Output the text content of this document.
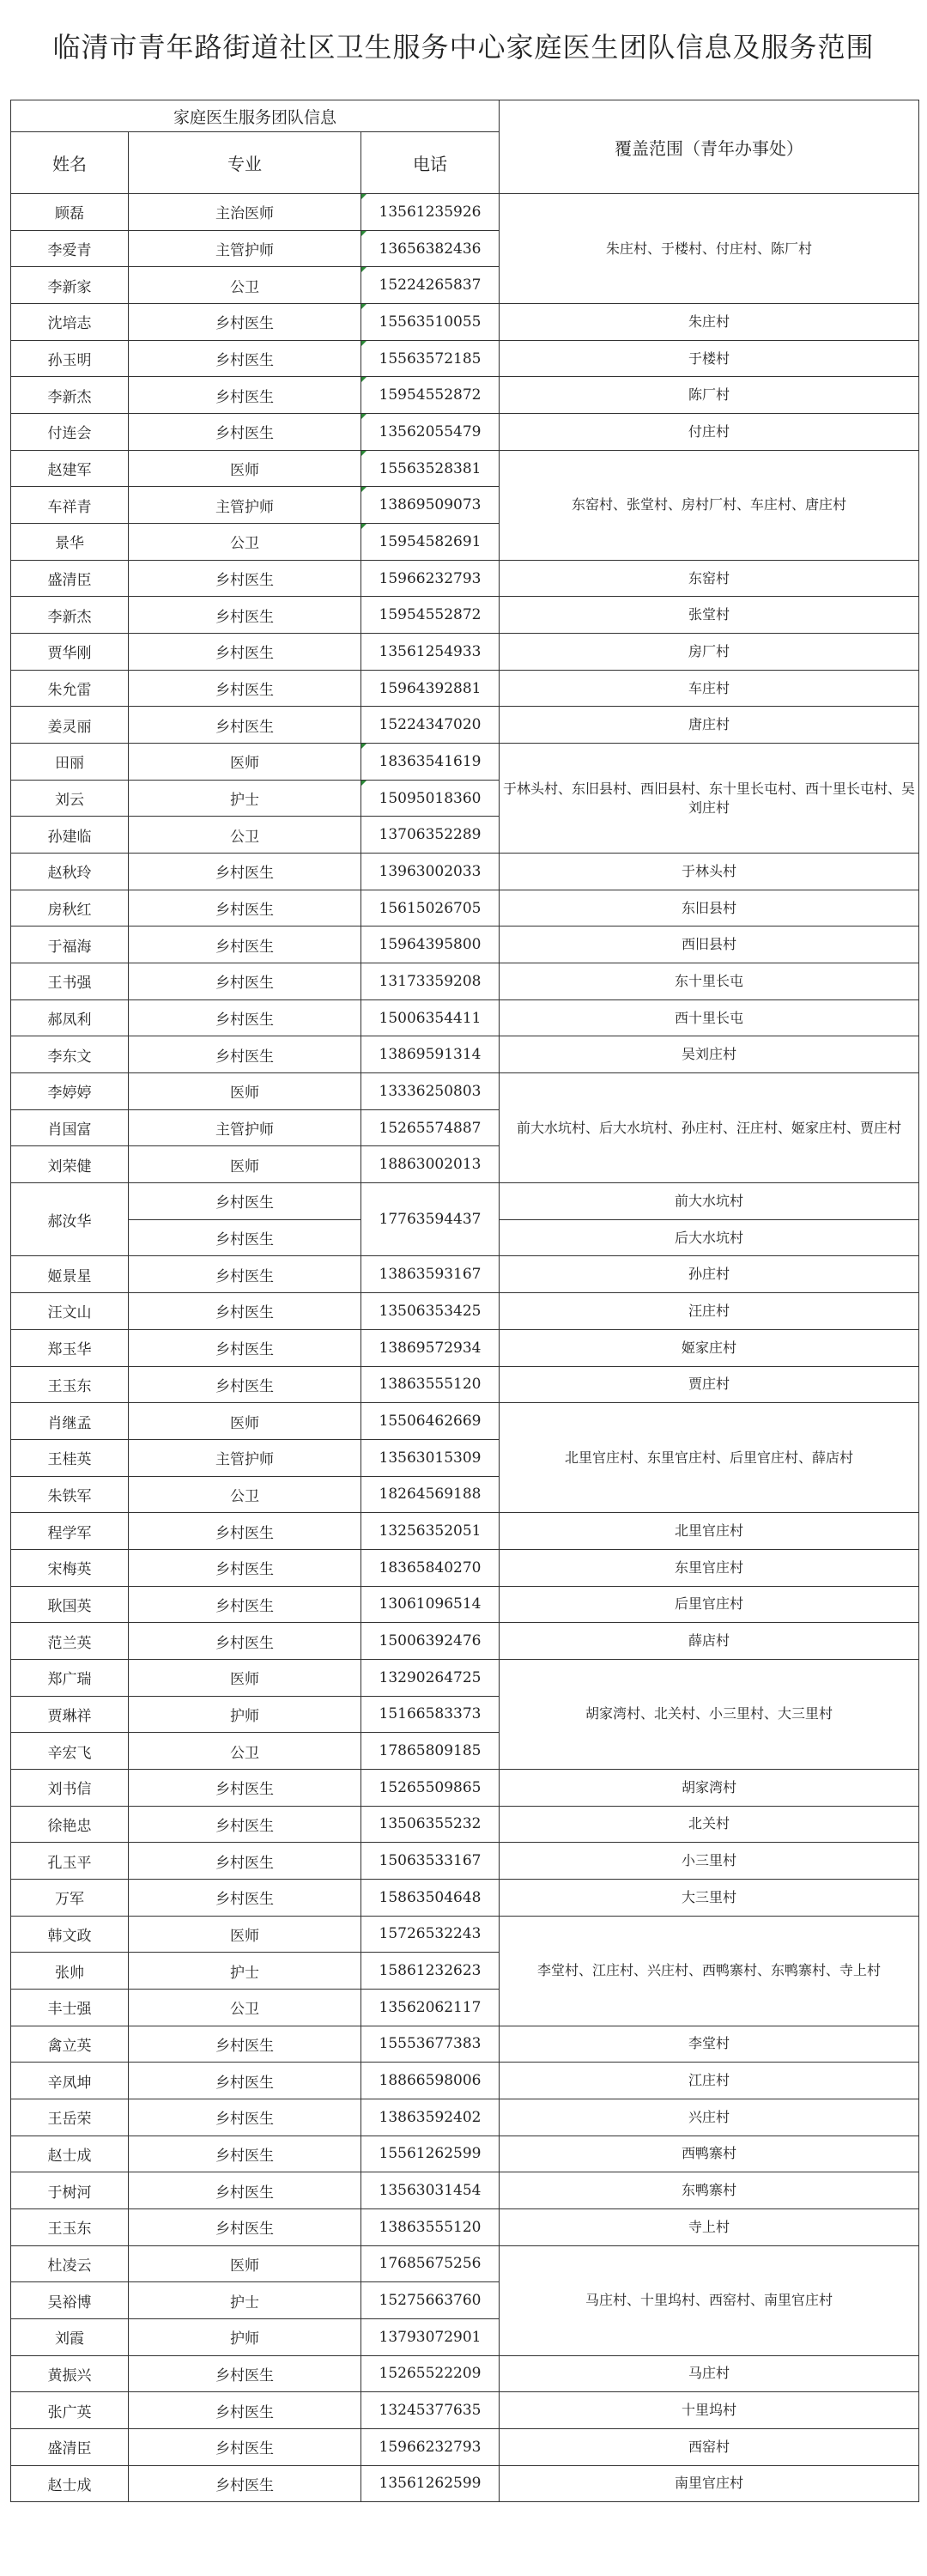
临清市青年路街道社区卫生服务中心家庭医生团队信息及服务范围
家庭医生服务团队信息			覆盖范围（青年办事处）
姓名	专业	电话	
顾磊	主治医师	13561235926	朱庄村、于楼村、付庄村、陈厂村
李爱青	主管护师	13656382436	
李新家	公卫	15224265837	
沈培志	乡村医生	15563510055	朱庄村
孙玉明	乡村医生	15563572185	于楼村
李新杰	乡村医生	15954552872	陈厂村
付连会	乡村医生	13562055479	付庄村
赵建军	医师	15563528381	东窑村、张堂村、房村厂村、车庄村、唐庄村
车祥青	主管护师	13869509073	
景华	公卫	15954582691	
盛清臣	乡村医生	15966232793	东窑村
李新杰	乡村医生	15954552872	张堂村
贾华刚	乡村医生	13561254933	房厂村
朱允雷	乡村医生	15964392881	车庄村
姜灵丽	乡村医生	15224347020	唐庄村
田丽	医师	18363541619	于林头村、东旧县村、西旧县村、东十里长屯村、西十里长屯村、吴刘庄村
刘云	护士	15095018360	
孙建临	公卫	13706352289	
赵秋玲	乡村医生	13963002033	于林头村
房秋红	乡村医生	15615026705	东旧县村
于福海	乡村医生	15964395800	西旧县村
王书强	乡村医生	13173359208	东十里长屯
郝凤利	乡村医生	15006354411	西十里长屯
李东文	乡村医生	13869591314	吴刘庄村
李婷婷	医师	13336250803	前大水坑村、后大水坑村、孙庄村、汪庄村、姬家庄村、贾庄村
肖国富	主管护师	15265574887	
刘荣健	医师	18863002013	
郝汝华	乡村医生	17763594437	前大水坑村
	乡村医生		后大水坑村
姬景星	乡村医生	13863593167	孙庄村
汪文山	乡村医生	13506353425	汪庄村
郑玉华	乡村医生	13869572934	姬家庄村
王玉东	乡村医生	13863555120	贾庄村
肖继孟	医师	15506462669	北里官庄村、东里官庄村、后里官庄村、薛店村
王桂英	主管护师	13563015309	
朱铁军	公卫	18264569188	
程学军	乡村医生	13256352051	北里官庄村
宋梅英	乡村医生	18365840270	东里官庄村
耿国英	乡村医生	13061096514	后里官庄村
范兰英	乡村医生	15006392476	薛店村
郑广瑞	医师	13290264725	胡家湾村、北关村、小三里村、大三里村
贾琳祥	护师	15166583373	
辛宏飞	公卫	17865809185	
刘书信	乡村医生	15265509865	胡家湾村
徐艳忠	乡村医生	13506355232	北关村
孔玉平	乡村医生	15063533167	小三里村
万军	乡村医生	15863504648	大三里村
韩文政	医师	15726532243	李堂村、江庄村、兴庄村、西鸭寨村、东鸭寨村、寺上村
张帅	护士	15861232623	
丰士强	公卫	13562062117	
禽立英	乡村医生	15553677383	李堂村
辛凤坤	乡村医生	18866598006	江庄村
王岳荣	乡村医生	13863592402	兴庄村
赵士成	乡村医生	15561262599	西鸭寨村
于树河	乡村医生	13563031454	东鸭寨村
王玉东	乡村医生	13863555120	寺上村
杜凌云	医师	17685675256	马庄村、十里坞村、西窑村、南里官庄村
吴裕博	护士	15275663760	
刘霞	护师	13793072901	
黄振兴	乡村医生	15265522209	马庄村
张广英	乡村医生	13245377635	十里坞村
盛清臣	乡村医生	15966232793	西窑村
赵士成	乡村医生	13561262599	南里官庄村
